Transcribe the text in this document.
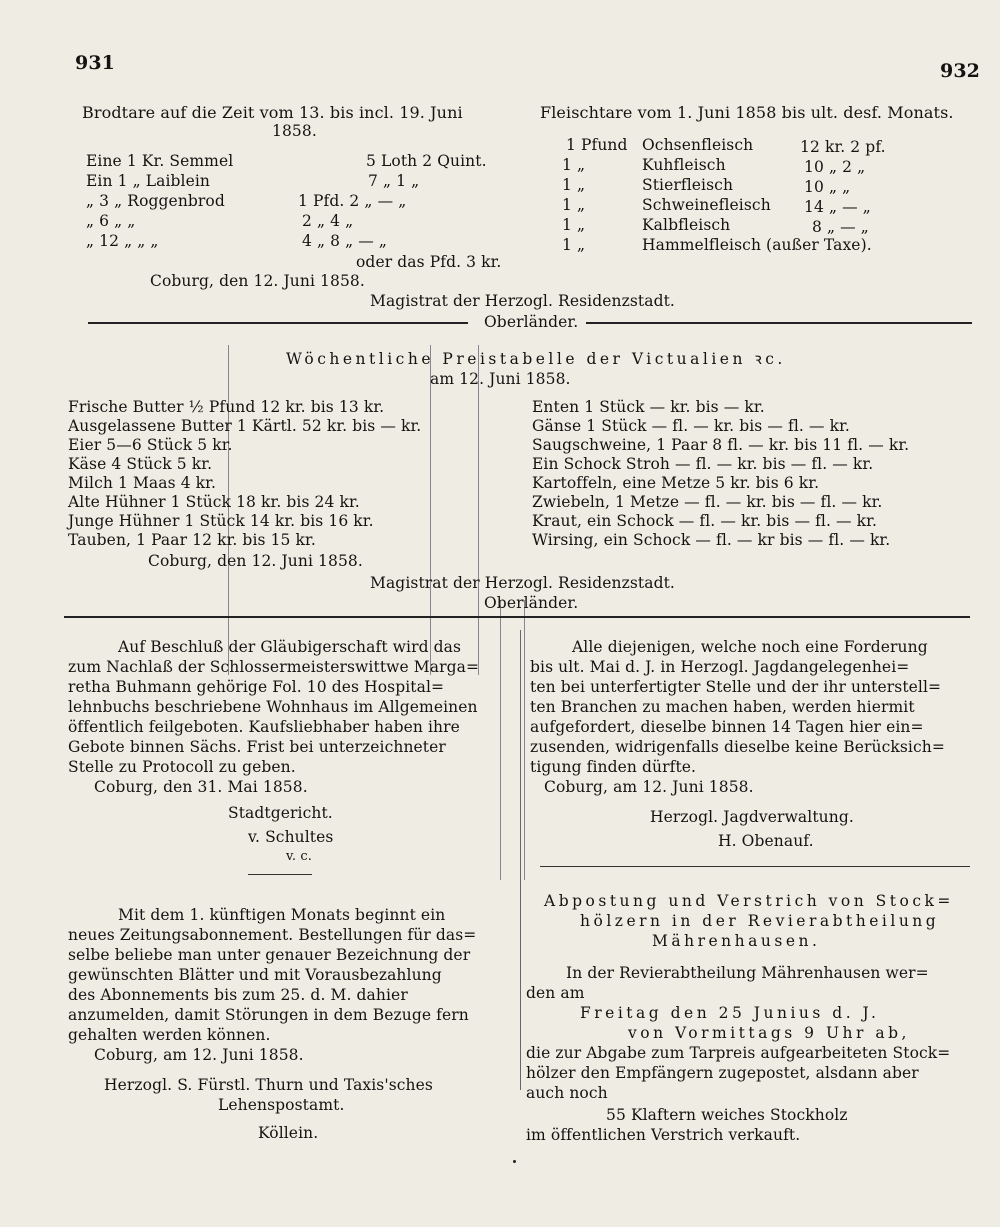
931	932
Brodtare auf die Zeit vom 13. bis incl. 19. Juni
1858.
Eine 1 Kr. Semmel	5 Loth 2 Quint.
Ein 1 „ Laiblein	7 „ 1 „
„ 3 „ Roggenbrod	1 Pfd. 2 „ — „
„ 6 „ „	2 „ 4 „
„ 12 „ „ „	4 „ 8 „ — „
oder das Pfd. 3 kr.
Coburg, den 12. Juni 1858.
Fleischtare vom 1. Juni 1858 bis ult. desf. Monats.
1 Pfund Ochsenfleisch	12 kr. 2 pf.
1 „	Kuhfleisch	10 „ 2 „
1 „	Stierfleisch	10 „ „
1 „	Schweinefleisch 14 „ — „
1 „	Kalbfleisch	8 „ — „
1 „	Hammelfleisch (außer Taxe).
Magistrat der Herzogl. Residenzstadt.
Oberländer.
Wöchentliche Preistabelle der Victualien ꝛc.
am 12. Juni 1858.
Frische Butter ½ Pfund 12 kr. bis 13 kr.
Ausgelassene Butter 1 Kärtl. 52 kr. bis — kr.
Eier 5—6 Stück 5 kr.
Käse 4 Stück 5 kr.
Milch 1 Maas 4 kr.
Alte Hühner 1 Stück 18 kr. bis 24 kr.
Junge Hühner 1 Stück 14 kr. bis 16 kr.
Tauben, 1 Paar 12 kr. bis 15 kr.
Enten 1 Stück — kr. bis — kr.
Gänse 1 Stück — fl. — kr. bis — fl. — kr.
Saugschweine, 1 Paar 8 fl. — kr. bis 11 fl. — kr.
Ein Schock Stroh — fl. — kr. bis — fl. — kr.
Kartoffeln, eine Metze 5 kr. bis 6 kr.
Zwiebeln, 1 Metze — fl. — kr. bis — fl. — kr.
Kraut, ein Schock — fl. — kr. bis — fl. — kr.
Wirsing, ein Schock — fl. — kr bis — fl. — kr.
Coburg, den 12. Juni 1858.
Magistrat der Herzogl. Residenzstadt.
Oberländer.
Auf Beschluß der Gläubigerschaft wird das
zum Nachlaß der Schlossermeisterswittwe Marga=
retha Buhmann gehörige Fol. 10 des Hospital=
lehnbuchs beschriebene Wohnhaus im Allgemeinen
öffentlich feilgeboten. Kaufsliebhaber haben ihre
Gebote binnen Sächs. Frist bei unterzeichneter
Stelle zu Protocoll zu geben.
Coburg, den 31. Mai 1858.
Stadtgericht.
v. Schultes
v. c.
Mit dem 1. künftigen Monats beginnt ein
neues Zeitungsabonnement. Bestellungen für das=
selbe beliebe man unter genauer Bezeichnung der
gewünschten Blätter und mit Vorausbezahlung
des Abonnements bis zum 25. d. M. dahier
anzumelden, damit Störungen in dem Bezuge fern
gehalten werden können.
Coburg, am 12. Juni 1858.
Herzogl. S. Fürstl. Thurn und Taxis'sches
Lehenspostamt.
Köllein.
Alle diejenigen, welche noch eine Forderung
bis ult. Mai d. J. in Herzogl. Jagdangelegenhei=
ten bei unterfertigter Stelle und der ihr unterstell=
ten Branchen zu machen haben, werden hiermit
aufgefordert, dieselbe binnen 14 Tagen hier ein=
zusenden, widrigenfalls dieselbe keine Berücksich=
tigung finden dürfte.
Coburg, am 12. Juni 1858.
Herzogl. Jagdverwaltung.
H. Obenauf.
Abpostung und Verstrich von Stock=
hölzern in der Revierabtheilung
Mährenhausen.
In der Revierabtheilung Mährenhausen wer=
den am
Freitag den 25 Junius d. J.
von Vormittags 9 Uhr ab,
die zur Abgabe zum Tarpreis aufgearbeiteten Stock=
hölzer den Empfängern zugepostet, alsdann aber
auch noch
55 Klaftern weiches Stockholz
im öffentlichen Verstrich verkauft.
